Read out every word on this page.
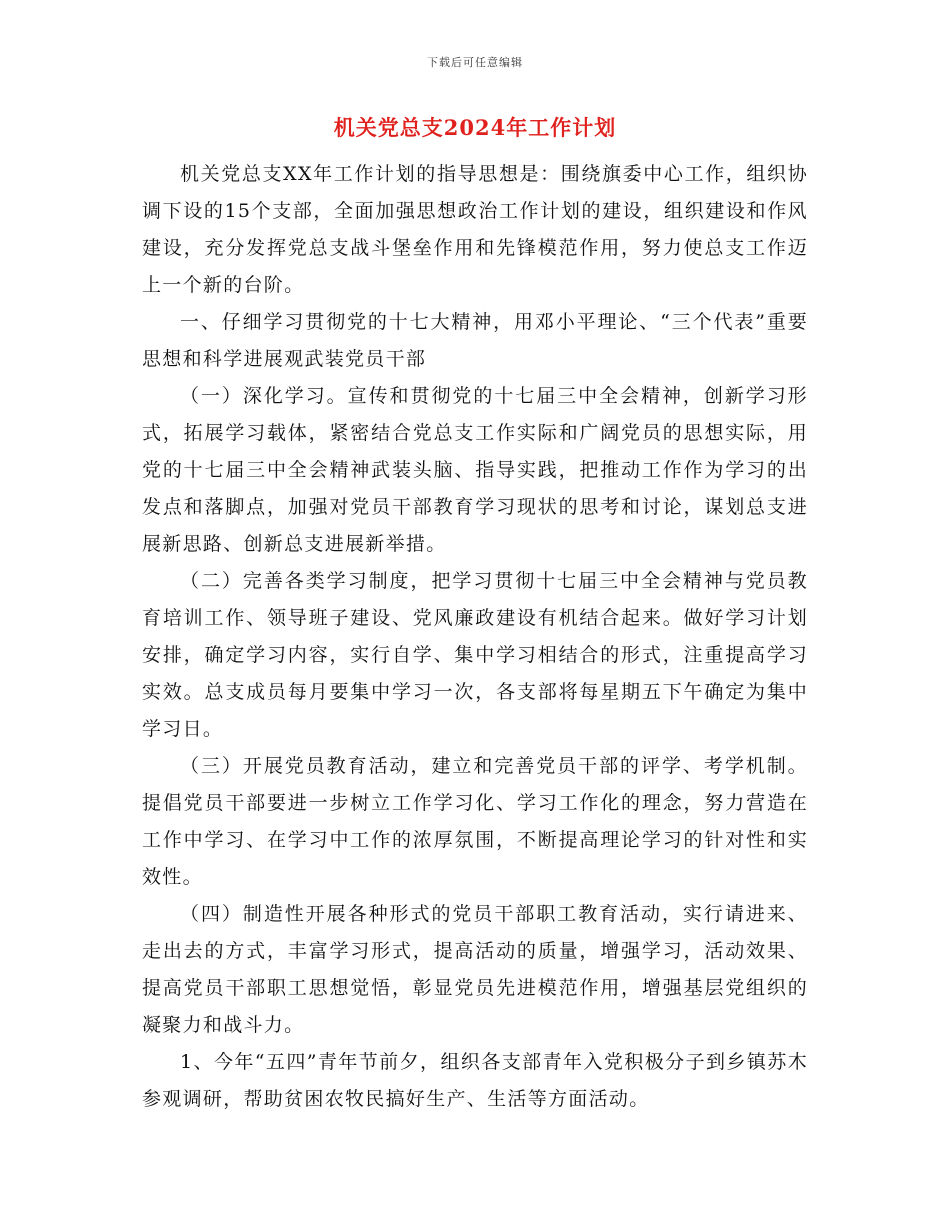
下载后可任意编辑
机关党总支2024年工作计划

机关党总支XX年工作计划的指导思想是：围绕旗委中心工作，组织协调下设的15个支部，全面加强思想政治工作计划的建设，组织建设和作风建设，充分发挥党总支战斗堡垒作用和先锋模范作用，努力使总支工作迈上一个新的台阶。

一、仔细学习贯彻党的十七大精神，用邓小平理论、“三个代表”重要思想和科学进展观武装党员干部

（一）深化学习。宣传和贯彻党的十七届三中全会精神，创新学习形式，拓展学习载体，紧密结合党总支工作实际和广阔党员的思想实际，用党的十七届三中全会精神武装头脑、指导实践，把推动工作作为学习的出发点和落脚点，加强对党员干部教育学习现状的思考和讨论，谋划总支进展新思路、创新总支进展新举措。

（二）完善各类学习制度，把学习贯彻十七届三中全会精神与党员教育培训工作、领导班子建设、党风廉政建设有机结合起来。做好学习计划安排，确定学习内容，实行自学、集中学习相结合的形式，注重提高学习实效。总支成员每月要集中学习一次，各支部将每星期五下午确定为集中学习日。

（三）开展党员教育活动，建立和完善党员干部的评学、考学机制。提倡党员干部要进一步树立工作学习化、学习工作化的理念，努力营造在工作中学习、在学习中工作的浓厚氛围，不断提高理论学习的针对性和实效性。

（四）制造性开展各种形式的党员干部职工教育活动，实行请进来、走出去的方式，丰富学习形式，提高活动的质量，增强学习，活动效果、提高党员干部职工思想觉悟，彰显党员先进模范作用，增强基层党组织的凝聚力和战斗力。

1、今年“五四”青年节前夕，组织各支部青年入党积极分子到乡镇苏木参观调研，帮助贫困农牧民搞好生产、生活等方面活动。
